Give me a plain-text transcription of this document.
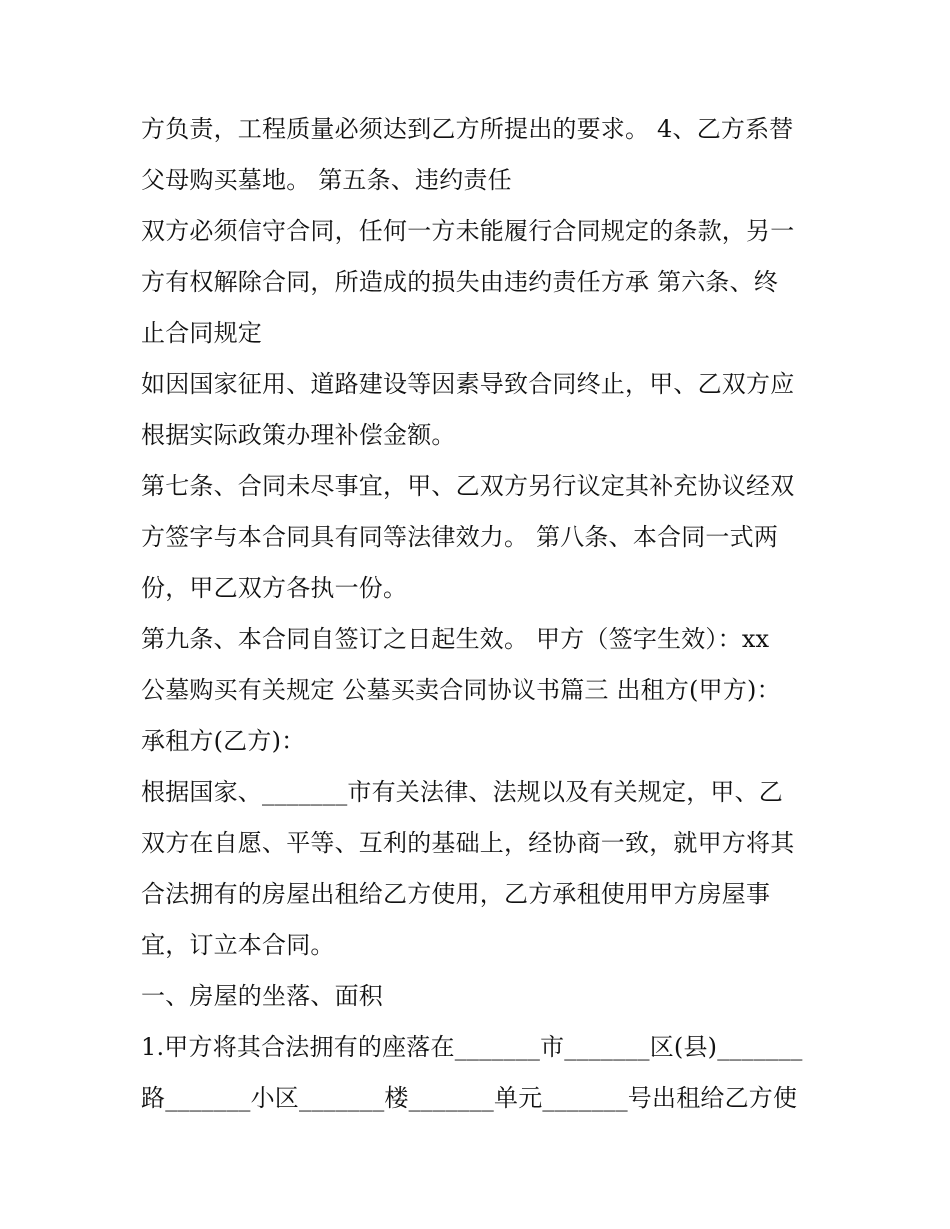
方负责，工程质量必须达到乙方所提出的要求。 4、乙方系替
父母购买墓地。 第五条、违约责任
双方必须信守合同，任何一方未能履行合同规定的条款，另一
方有权解除合同，所造成的损失由违约责任方承 第六条、终
止合同规定
如因国家征用、道路建设等因素导致合同终止，甲、乙双方应
根据实际政策办理补偿金额。
第七条、合同未尽事宜，甲、乙双方另行议定其补充协议经双
方签字与本合同具有同等法律效力。 第八条、本合同一式两
份，甲乙双方各执一份。
第九条、本合同自签订之日起生效。 甲方（签字生效）：xx
公墓购买有关规定 公墓买卖合同协议书篇三 出租方(甲方)：
承租方(乙方)：
根据国家、_______市有关法律、法规以及有关规定，甲、乙
双方在自愿、平等、互利的基础上，经协商一致，就甲方将其
合法拥有的房屋出租给乙方使用，乙方承租使用甲方房屋事
宜，订立本合同。
一、房屋的坐落、面积
1.甲方将其合法拥有的座落在_______市_______区(县)_______
路_______小区_______楼_______单元_______号出租给乙方使
